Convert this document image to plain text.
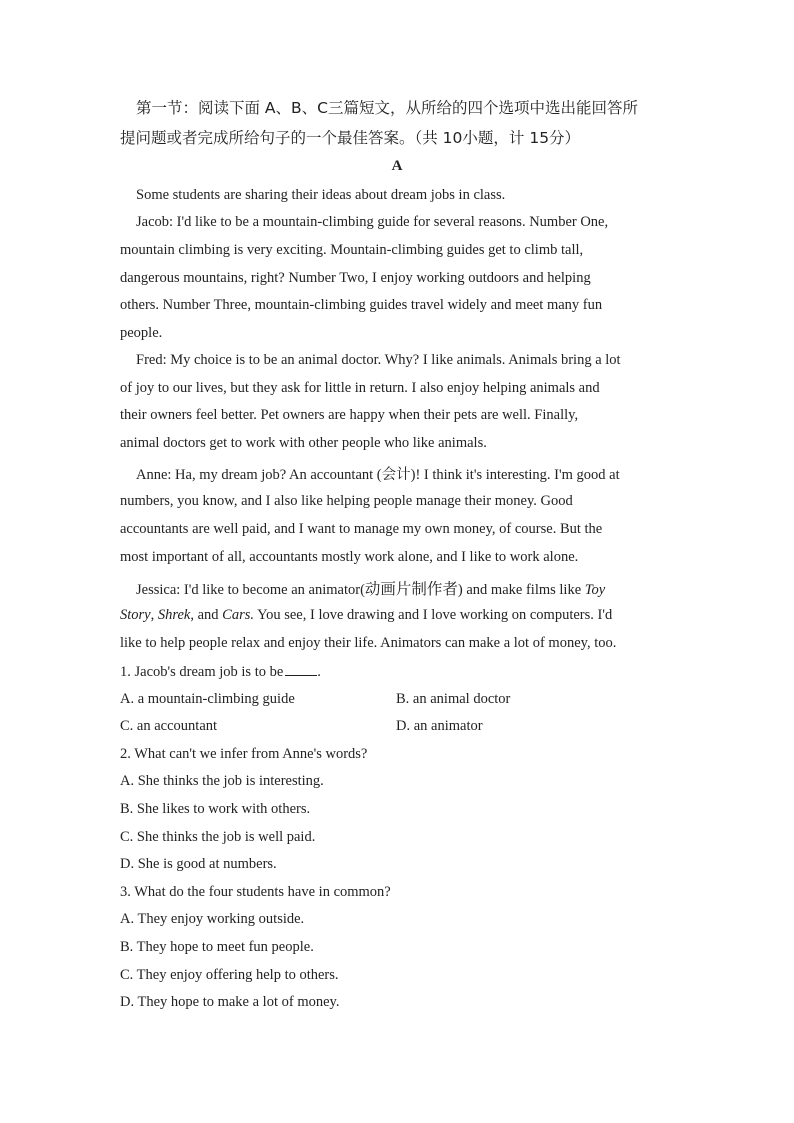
第一节：阅读下面 A、B、C三篇短文，从所给的四个选项中选出能回答所
提问题或者完成所给句子的一个最佳答案。（共 10小题，计 15分）
A
Some students are sharing their ideas about dream jobs in class.
Jacob: I'd like to be a mountain-climbing guide for several reasons. Number One,
mountain climbing is very exciting. Mountain-climbing guides get to climb tall,
dangerous mountains, right? Number Two, I enjoy working outdoors and helping
others. Number Three, mountain-climbing guides travel widely and meet many fun
people.
Fred: My choice is to be an animal doctor. Why? I like animals. Animals bring a lot
of joy to our lives, but they ask for little in return. I also enjoy helping animals and
their owners feel better. Pet owners are happy when their pets are well. Finally,
animal doctors get to work with other people who like animals.
Anne: Ha, my dream job? An accountant (会计)! I think it's interesting. I'm good at
numbers, you know, and I also like helping people manage their money. Good
accountants are well paid, and I want to manage my own money, of course. But the
most important of all, accountants mostly work alone, and I like to work alone.
Jessica: I'd like to become an animator(动画片制作者) and make films like Toy
Story, Shrek, and Cars. You see, I love drawing and I love working on computers. I'd
like to help people relax and enjoy their life. Animators can make a lot of money, too.
1. Jacob's dream job is to be .
A. a mountain-climbing guide	B. an animal doctor
C. an accountant	D. an animator
2. What can't we infer from Anne's words?
A. She thinks the job is interesting.
B. She likes to work with others.
C. She thinks the job is well paid.
D. She is good at numbers.
3. What do the four students have in common?
A. They enjoy working outside.
B. They hope to meet fun people.
C. They enjoy offering help to others.
D. They hope to make a lot of money.
